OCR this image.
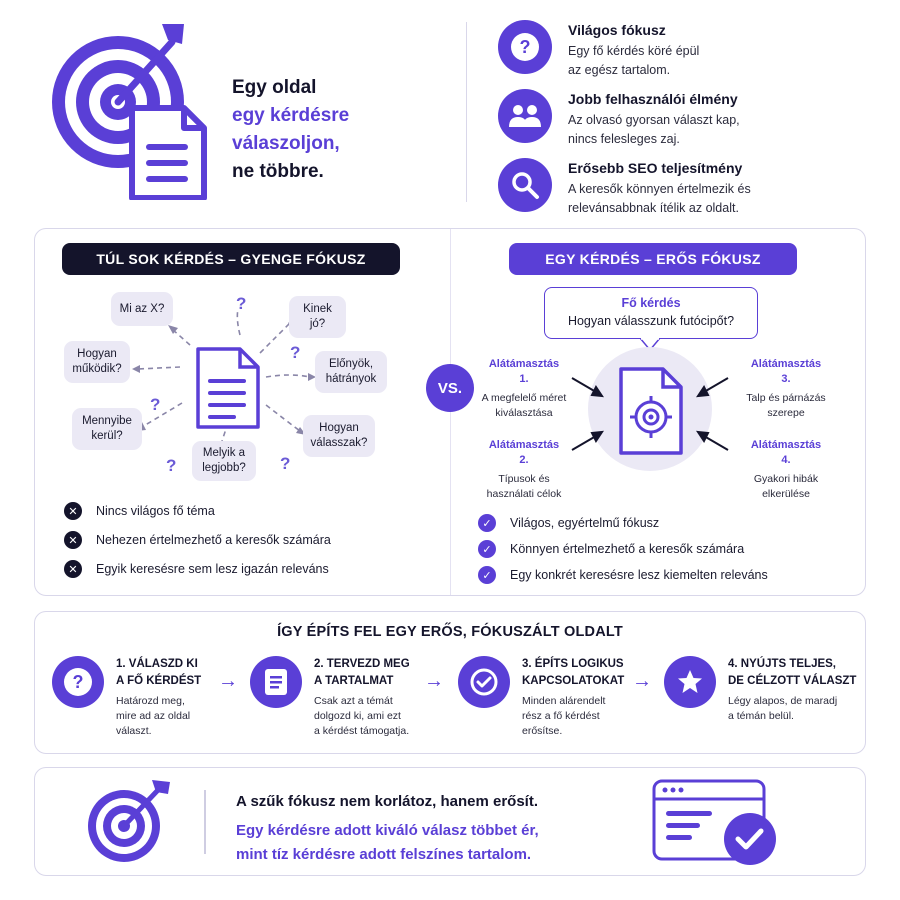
Egy oldal
egy kérdésre válaszoljon,
ne többre.
?
Világos fókusz

Egy fő kérdés köré épül
az egész tartalom.

Jobb felhasználói élmény

Az olvasó gyorsan választ kap,
nincs felesleges zaj.

Erősebb SEO teljesítmény

A keresők könnyen értelmezik és
relevánsabbnak ítélik az oldalt.

TÚL SOK KÉRDÉS – GYENGE FÓKUSZ
Mi az X?	Kinek
jó?
Hogyan
működik?	Előnyök,
hátrányok
Mennyibe
kerül?
Hogyan
válasszak?
Melyik a
legjobb?
?
?
?
?	?
✕	Nincs világos fő téma
✕	Nehezen értelmezhető a keresők számára
✕	Egyik keresésre sem lesz igazán releváns
VS.
EGY KÉRDÉS – ERŐS FÓKUSZ
Fő kérdés
Hogyan válasszunk futócipőt?
Alátámasztás
1.
A megfelelő méret
kiválasztása
Alátámasztás
2.
Típusok és
használati célok
Alátámasztás
3.
Talp és párnázás
szerepe
Alátámasztás
4.
Gyakori hibák
elkerülése
✓	Világos, egyértelmű fókusz
✓	Könnyen értelmezhető a keresők számára
✓	Egy konkrét keresésre lesz kiemelten releváns
ÍGY ÉPÍTS FEL EGY ERŐS, FÓKUSZÁLT OLDALT
?
1. VÁLASZD KI
A FŐ KÉRDÉST

Határozd meg,
mire ad az oldal
választ.

→
2. TERVEZD MEG
A TARTALMAT

Csak azt a témát
dolgozd ki, ami ezt
a kérdést támogatja.

→
3. ÉPÍTS LOGIKUS
KAPCSOLATOKAT

Minden alárendelt
rész a fő kérdést
erősítse.

→
4. NYÚJTS TELJES,
DE CÉLZOTT VÁLASZT

Légy alapos, de maradj
a témán belül.

A szűk fókusz nem korlátoz, hanem erősít.
Egy kérdésre adott kiváló válasz többet ér,
mint tíz kérdésre adott felszínes tartalom.
